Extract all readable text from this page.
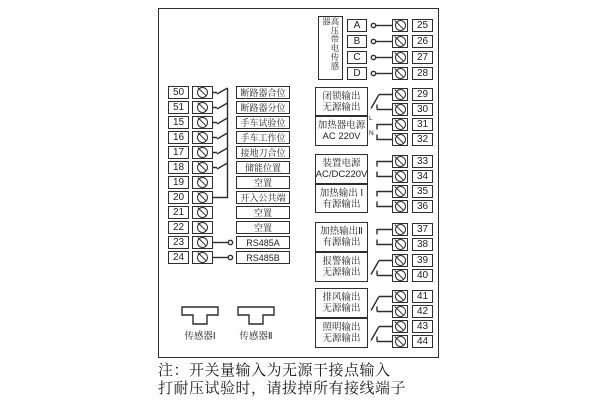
50
51
15
16
17
18
19
20
21
22
23
24
断路器合位
断路器分位
手车试验位
手车工作位
接地刀合位
储能位置
空置
开入公共端
空置
空置
RS485A
RS485B
高压带电传感器	A
B
C
D
25
26
27
28
29
30
31
32
33
34
35
36
37
38
39
40
41
42
43
44
闭锁输出
无源输出
加热器电源
AC 220V
装置电源
AC/DC220V
加热输出 Ⅰ
有源输出
加热输出Ⅱ
有源输出
报警输出
无源输出
排风输出
无源输出
照明输出
无源输出
L
N
传感器Ⅰ	传感器Ⅱ
注：开关量输入为无源干接点输入
打耐压试验时，请拔掉所有接线端子
